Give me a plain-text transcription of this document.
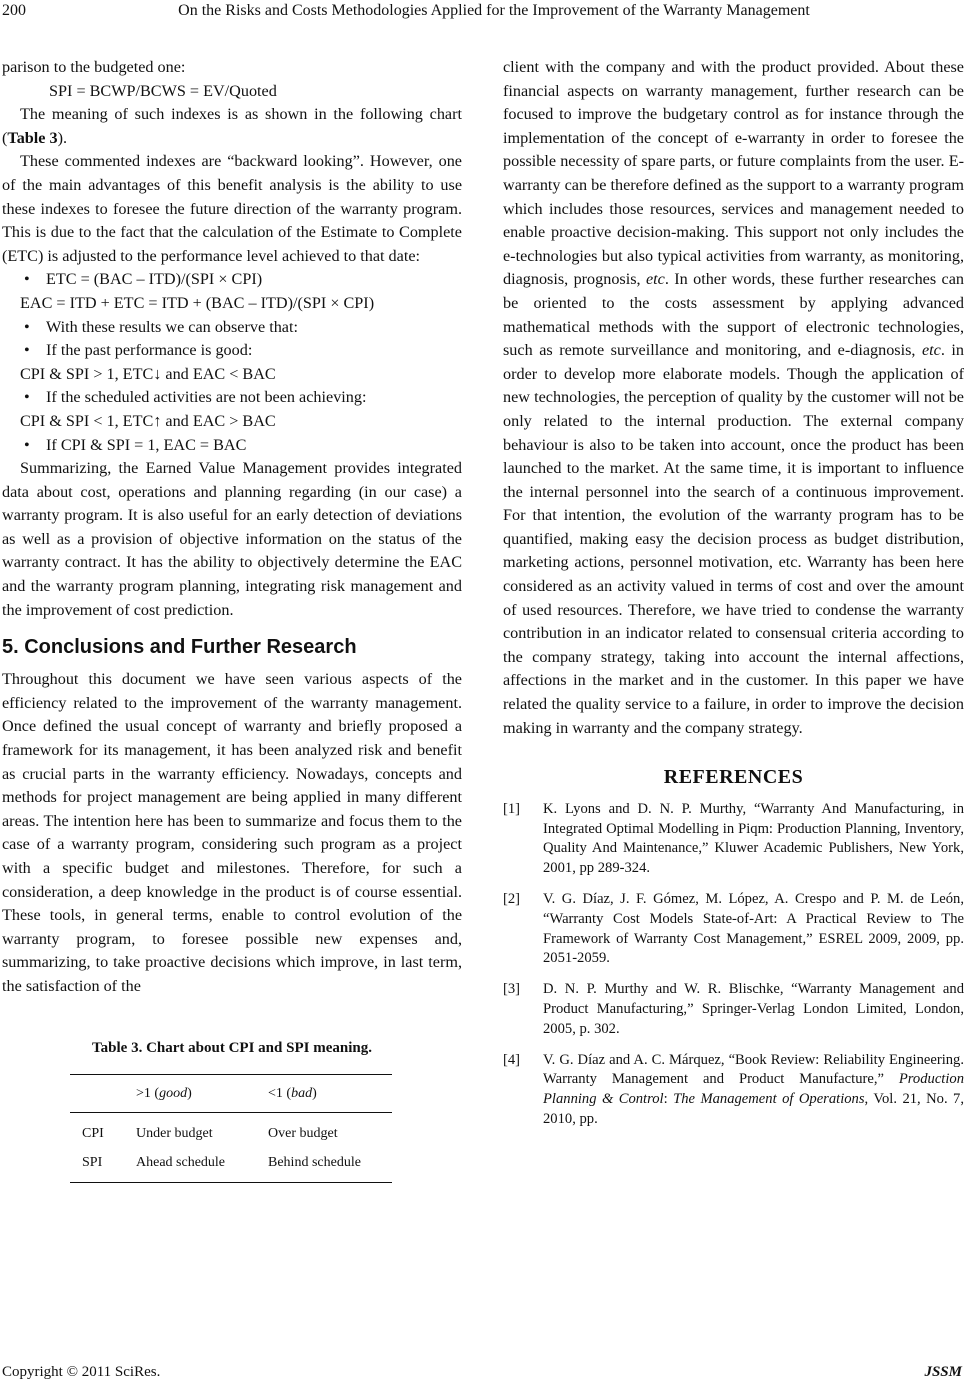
200	On the Risks and Costs Methodologies Applied for the Improvement of the Warranty Management

parison to the budgeted one:

SPI = BCWP/BCWS = EV/Quoted

The meaning of such indexes is as shown in the following chart (Table 3).

These commented indexes are “backward looking”. However, one of the main advantages of this benefit analysis is the ability to use these indexes to foresee the future direction of the warranty program. This is due to the fact that the calculation of the Estimate to Complete (ETC) is adjusted to the performance level achieved to that date:

• ETC = (BAC – ITD)/(SPI × CPI)

EAC = ITD + ETC = ITD + (BAC – ITD)/(SPI × CPI)

• With these results we can observe that:
• If the past performance is good:

CPI & SPI > 1, ETC↓ and EAC < BAC

• If the scheduled activities are not been achieving:

CPI & SPI < 1, ETC↑ and EAC > BAC

• If CPI & SPI = 1, EAC = BAC

Summarizing, the Earned Value Management provides integrated data about cost, operations and planning regarding (in our case) a warranty program. It is also useful for an early detection of deviations as well as a provision of objective information on the status of the warranty contract. It has the ability to objectively determine the EAC and the warranty program planning, integrating risk management and the improvement of cost prediction.

5. Conclusions and Further Research

Throughout this document we have seen various aspects of the efficiency related to the improvement of the warranty management. Once defined the usual concept of warranty and briefly proposed a framework for its management, it has been analyzed risk and benefit as crucial parts in the warranty efficiency. Nowadays, concepts and methods for project management are being applied in many different areas. The intention here has been to summarize and focus them to the case of a warranty program, considering such program as a project with a specific budget and milestones. Therefore, for such a consideration, a deep knowledge in the product is of course essential. These tools, in general terms, enable to control evolution of the warranty program, to foresee possible new expenses and, summarizing, to take proactive decisions which improve, in last term, the satisfaction of the

Table 3. Chart about CPI and SPI meaning.
	>1 (good)	<1 (bad)
CPI	Under budget	Over budget
SPI	Ahead schedule	Behind schedule

client with the company and with the product provided. About these financial aspects on warranty management, further research can be focused to improve the budgetary control as for instance through the implementation of the concept of e-warranty in order to foresee the possible necessity of spare parts, or future complaints from the user. E-warranty can be therefore defined as the support to a warranty program which includes those resources, services and management needed to enable proactive decision-making. This support not only includes the e-technologies but also typical activities from warranty, as monitoring, diagnosis, prognosis, etc. In other words, these further researches can be oriented to the costs assessment by applying advanced mathematical methods with the support of electronic technologies, such as remote surveillance and monitoring, and e-diagnosis, etc. in order to develop more elaborate models. Though the application of new technologies, the perception of quality by the customer will not be only related to the internal production. The external company behaviour is also to be taken into account, once the product has been launched to the market. At the same time, it is important to influence the internal personnel into the search of a continuous improvement. For that intention, the evolution of the warranty program has to be quantified, making easy the decision process as budget distribution, marketing actions, personnel motivation, etc. Warranty has been here considered as an activity valued in terms of cost and over the amount of used resources. Therefore, we have tried to condense the warranty contribution in an indicator related to consensual criteria according to the company strategy, taking into account the internal affections, affections in the market and in the customer. In this paper we have related the quality service to a failure, in order to improve the decision making in warranty and the company strategy.

REFERENCES
[1] K. Lyons and D. N. P. Murthy, “Warranty And Manufacturing, in Integrated Optimal Modelling in Piqm: Production Planning, Inventory, Quality And Maintenance,” Kluwer Academic Publishers, New York, 2001, pp 289-324.
[2] V. G. Díaz, J. F. Gómez, M. López, A. Crespo and P. M. de León, “Warranty Cost Models State-of-Art: A Practical Review to The Framework of Warranty Cost Management,” ESREL 2009, 2009, pp. 2051-2059.
[3] D. N. P. Murthy and W. R. Blischke, “Warranty Management and Product Manufacturing,” Springer-Verlag London Limited, London, 2005, p. 302.
[4] V. G. Díaz and A. C. Márquez, “Book Review: Reliability Engineering. Warranty Management and Product Manufacture,” Production Planning & Control: The Management of Operations, Vol. 21, No. 7, 2010, pp.
Copyright © 2011 SciRes.	JSSM
